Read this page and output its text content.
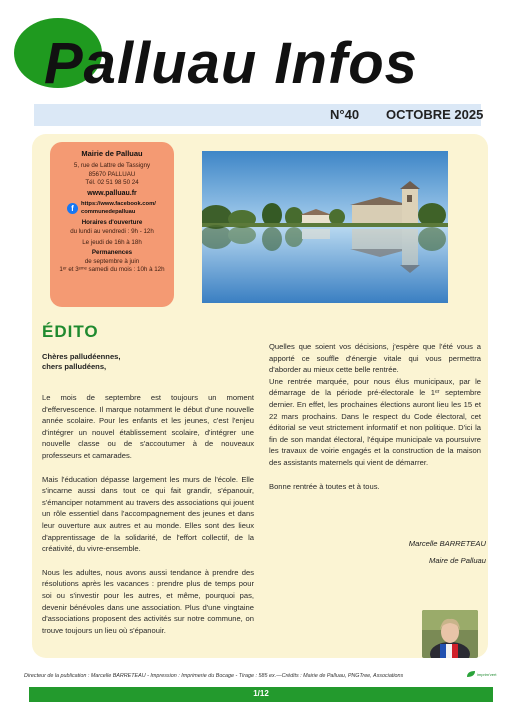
Palluau Infos
N°40 OCTOBRE 2025
Mairie de Palluau
5, rue de Lattre de Tassigny
85670 PALLUAU
Tél. 02 51 98 50 24
www.palluau.fr
f	https://www.facebook.com/communedepalluau
Horaires d'ouverture
du lundi au vendredi : 9h - 12h
Le jeudi de 16h à 18h
Permanences
de septembre à juin
1ᵉʳ et 3ᵉᵐᵉ samedi du mois : 10h à 12h
ÉDITO
Chères palludéennes,
chers palludéens,

Le mois de septembre est toujours un moment d'effervescence. Il marque notamment le début d'une nouvelle année scolaire. Pour les enfants et les jeunes, c'est l'enjeu d'intégrer un nouvel établissement scolaire, d'intégrer une nouvelle classe ou de s'accoutumer à de nouveaux professeurs et camarades.

Mais l'éducation dépasse largement les murs de l'école. Elle s'incarne aussi dans tout ce qui fait grandir, s'épanouir, s'émanciper notamment au travers des associations qui jouent un rôle essentiel dans l'accompagnement des jeunes et dans leur ouverture aux autres et au monde. Elles sont des lieux d'apprentissage de la solidarité, de l'effort collectif, de la créativité, du vivre-ensemble.

Nous les adultes, nous avons aussi tendance à prendre des résolutions après les vacances : prendre plus de temps pour soi ou s'investir pour les autres, et même, pourquoi pas, devenir bénévoles dans une association. Plus d'une vingtaine d'associations proposent des activités sur notre commune, on trouve toujours un lieu où s'épanouir.

Quelles que soient vos décisions, j'espère que l'été vous a apporté ce souffle d'énergie vitale qui vous permettra d'aborder au mieux cette belle rentrée.

Une rentrée marquée, pour nous élus municipaux, par le démarrage de la période pré-électorale le 1ᵉʳ septembre dernier. En effet, les prochaines élections auront lieu les 15 et 22 mars prochains. Dans le respect du Code électoral, cet éditorial se veut strictement informatif et non politique. D'ici la fin de son mandat électoral, l'équipe municipale va poursuivre les travaux de voirie engagés et la construction de la maison des assistants maternels qui vient de démarrer.

Bonne rentrée à toutes et à tous.

Marcelle BARRETEAU
Maire de Palluau
Directeur de la publication : Marcelle BARRETEAU - Impression : Imprimerie du Bocage - Tirage : 585 ex.—Crédits : Mairie de Palluau, PNGTree, Associations	imprim'vert
1/12
